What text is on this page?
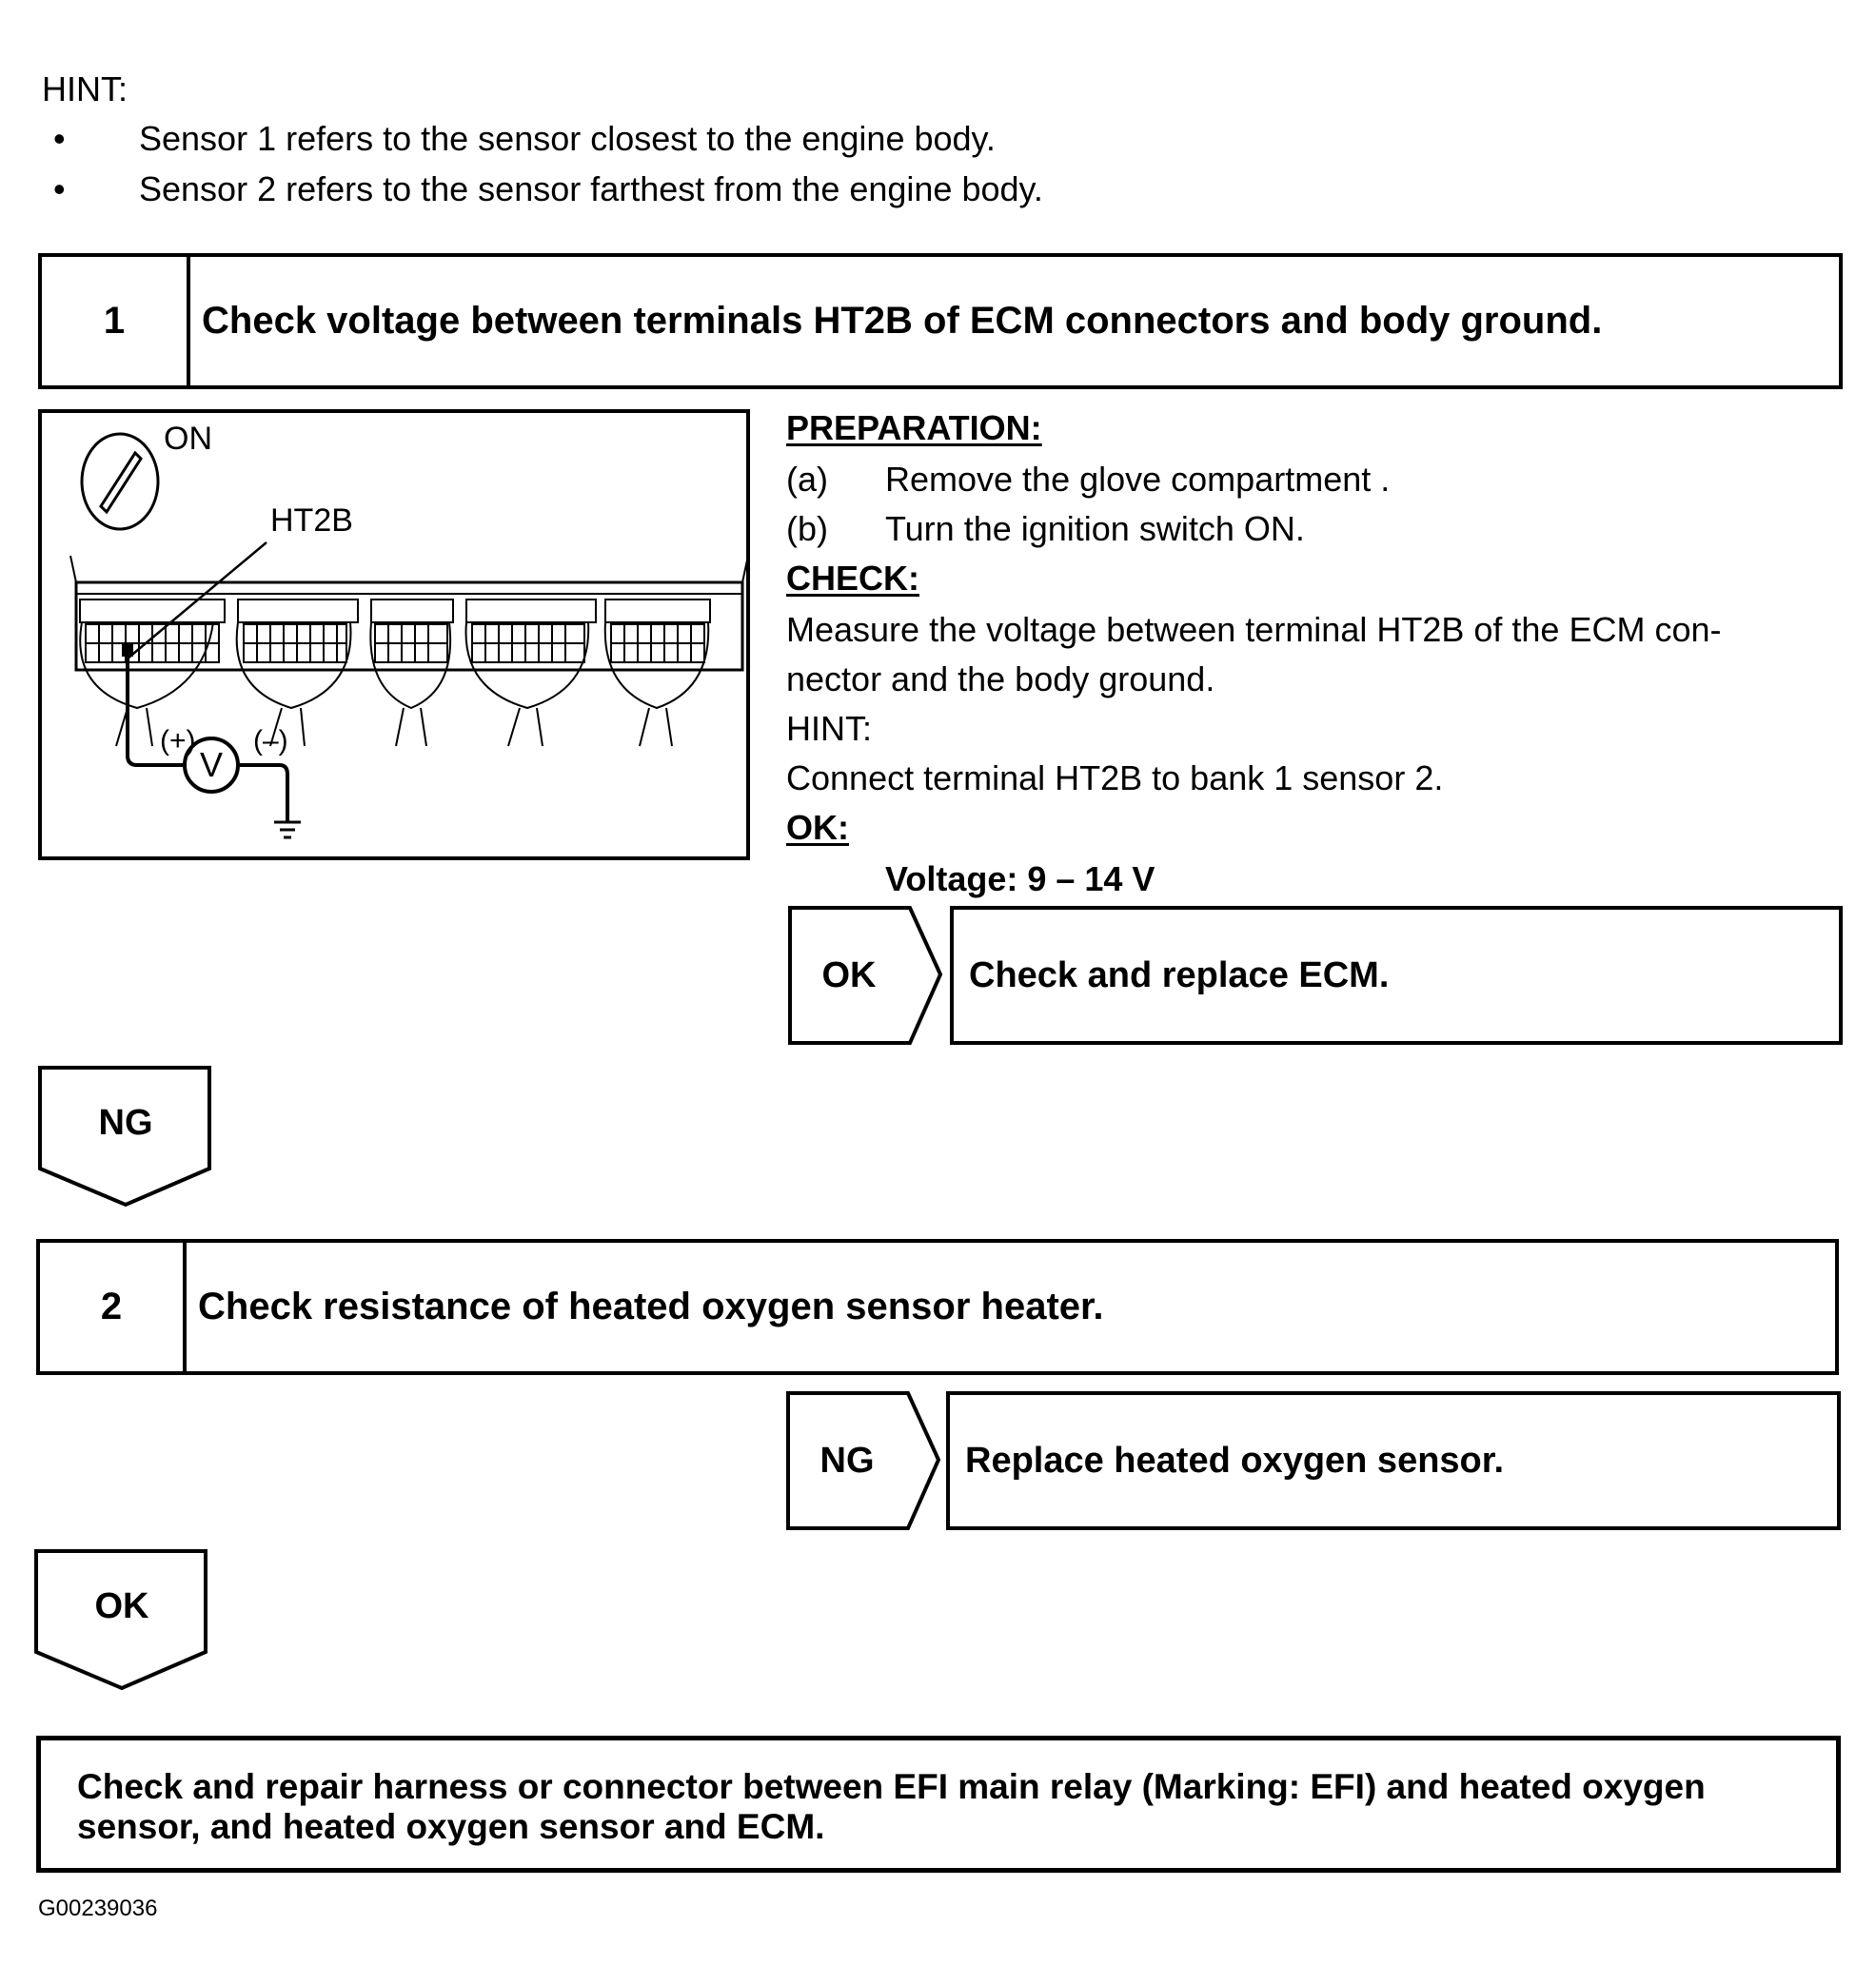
HINT:
• Sensor 1 refers to the sensor closest to the engine body.
• Sensor 2 refers to the sensor farthest from the engine body.
1	Check voltage between terminals HT2B of ECM connectors and body ground.
ON
HT2B
(+)
V
(–)
PREPARATION:
(a) Remove the glove compartment .
(b) Turn the ignition switch ON.
CHECK:
Measure the voltage between terminal HT2B of the ECM con-
nector and the body ground.
HINT:
Connect terminal HT2B to bank 1 sensor 2.
OK:
Voltage: 9 – 14 V
OK	Check and replace ECM.
NG
2	Check resistance of heated oxygen sensor heater.
NG	Replace heated oxygen sensor.
OK
Check and repair harness or connector between EFI main relay (Marking: EFI) and heated oxygen
sensor, and heated oxygen sensor and ECM.
G00239036
